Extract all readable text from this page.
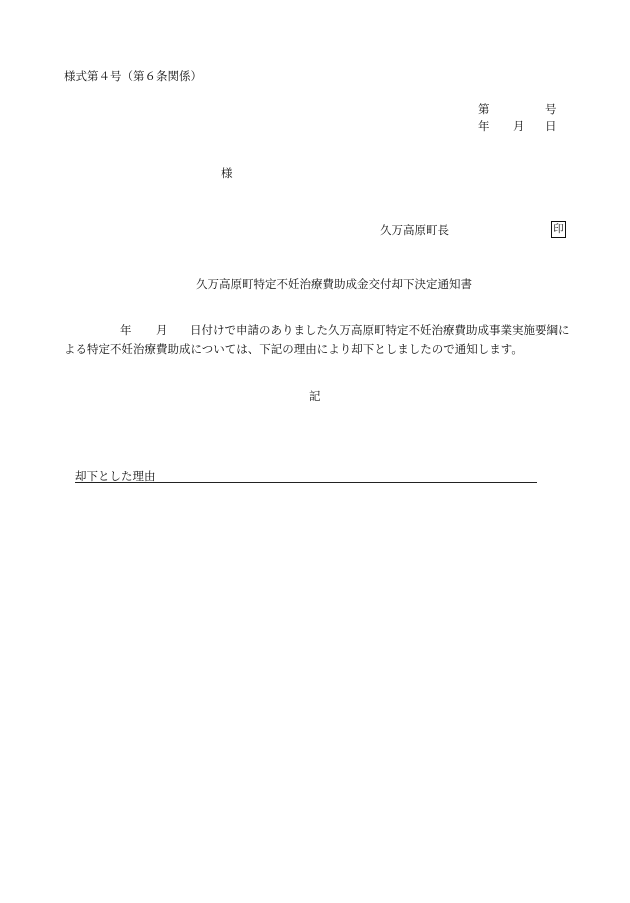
様式第４号（第６条関係）
第	号
年 月 日
様
久万高原町長	印
久万高原町特定不妊治療費助成金交付却下決定通知書
年 月 日付けで申請のありました久万高原町特定不妊治療費助成事業実施要綱に
よる特定不妊治療費助成については、下記の理由により却下としましたので通知します。
記
却下とした理由
